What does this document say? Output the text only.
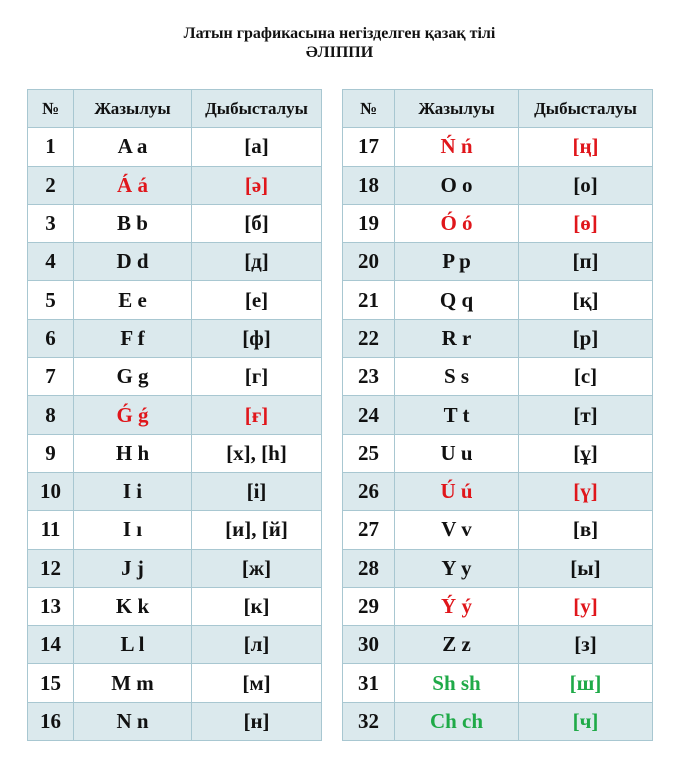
Латын графикасына негізделген қазақ тілі
ӘЛІППИ
№	Жазылуы	Дыбысталуы
1	A a	[а]
2	Á á	[ә]
3	B b	[б]
4	D d	[д]
5	E e	[е]
6	F f	[ф]
7	G g	[г]
8	Ǵ ǵ	[ғ]
9	H h	[х], [һ]
10	I i	[і]
11	I ı	[и], [й]
12	J j	[ж]
13	K k	[к]
14	L l	[л]
15	M m	[м]
16	N n	[н]
№	Жазылуы	Дыбысталуы
17	Ń ń	[ң]
18	O o	[о]
19	Ó ó	[ө]
20	P p	[п]
21	Q q	[қ]
22	R r	[р]
23	S s	[с]
24	T t	[т]
25	U u	[ұ]
26	Ú ú	[ү]
27	V v	[в]
28	Y y	[ы]
29	Ý ý	[у]
30	Z z	[з]
31	Sh sh	[ш]
32	Ch ch	[ч]
